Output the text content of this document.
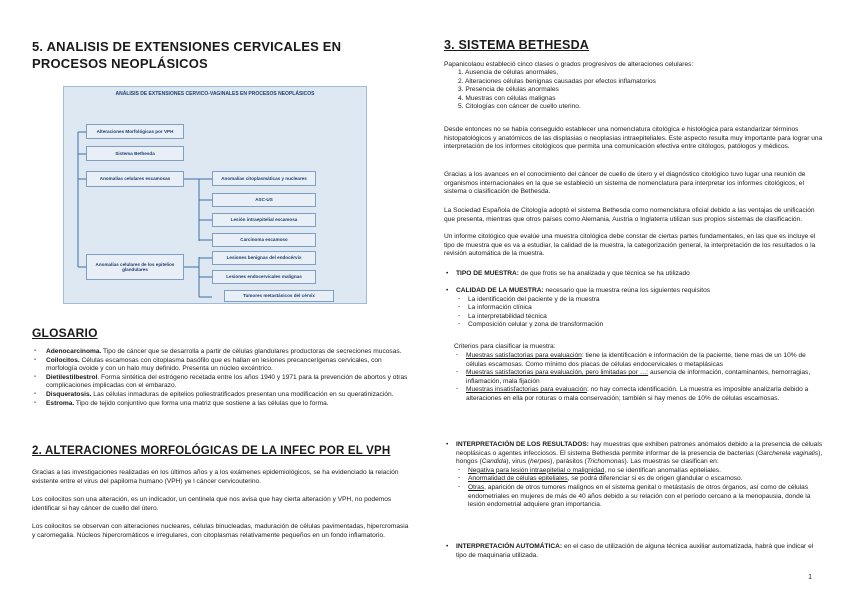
5. ANALISIS DE EXTENSIONES CERVICALES EN PROCESOS NEOPLÁSICOS
ANÁLISIS DE EXTENSIONES CERVICO-VAGINALES EN PROCESOS NEOPLÁSICOS
Alteraciones Morfológicas por VPH
Sistema Bethesda
Anomalías celulares escamosas
Anomalías celulares de los epitelios glandulares
Anomalías citoplasmáticas y nucleares
ASC-US
Lesión intraepitelial escamosa
Carcinoma escamoso
Lesiones benignas del endocérvix
Lesiones endocervicales malignas
Tumores metastásicos del cérvix
GLOSARIO
- Adenocarcinoma. Tipo de cáncer que se desarrolla a partir de células glandulares productoras de secreciones mucosas.
- Coilocitos. Células escamosas con citoplasma basófilo que es hallan en lesiones precancerígenas cervicales, con morfología ovoide y con un halo muy definido. Presenta un núcleo excéntrico.
- Dietilestilbestrol. Forma sintética del estrógeno recetada entre los años 1940 y 1971 para la prevención de abortos y otras complicaciones implicadas con el embarazo.
- Disqueratosis. Las células inmaduras de epitelios poliestratificados presentan una modificación en su queratinización.
- Estroma. Tipo de tejido conjuntivo que forma una matriz que sostiene a las células que lo forma.
2. ALTERACIONES MORFOLÓGICAS DE LA INFEC POR EL VPH

Gracias a las investigaciones realizadas en los últimos años y a los exámenes epidemiológicos, se ha evidenciado la relación existente entre el virus del papiloma humano (VPH) ye l cáncer cervicouterino.

Los coilocitos son una alteración, es un indicador, un centinela que nos avisa que hay cierta alteración y VPH, no podemos identificar si hay cáncer de cuello del útero.

Los coilocitos se observan con alteraciones nucleares, células binucleadas, maduración de células pavimentadas, hipercromasia y caromegalia. Núcleos hipercromáticos e irregulares, con citoplasmas relativamente pequeños en un fondo inflamatorio.

3. SISTEMA BETHESDA

Papanicolaou estableció cinco clases o grados progresivos de alteraciones celulares:

1. Ausencia de células anormales,
2. Alteraciones células benignas causadas por efectos inflamatorios
3. Presencia de células anormales
4. Muestras con células malignas
5. Citologías con cáncer de cuello uterino.

Desde entonces no se había conseguido establecer una nomenclatura citológica e histológica para estandarizar términos histopatológicos y anatómicos de las displasias o neoplasias intraepiteliales. Este aspecto resulta muy importante para lograr una interpretación de los informes citológicos que permita una comunicación efectiva entre citólogos, patólogos y médicos.

Gracias a los avances en el conocimiento del cáncer de cuello de útero y el diagnóstico citológico tuvo lugar una reunión de organismos internacionales en la que se estableció un sistema de nomenclatura para interpretar los informes citológicos, el sistema o clasificación de Bethesda.

La Sociedad Española de Citología adoptó el sistema Bethesda como nomenclatura oficial debido a las ventajas de unificación que presenta, mientras que otros países como Alemania, Austria o Inglaterra utilizan sus propios sistemas de clasificación.

Un informe citológico que evalúe una muestra citológica debe constar de ciertas partes fundamentales, en las que es incluye el tipo de muestra que es va a estudiar, la calidad de la muestra, la categorización general, la interpretación de los resultados o la revisión automática de la muestra.

• TIPO DE MUESTRA: de que frotis se ha analizada y que técnica se ha utilizado
• CALIDAD DE LA MUESTRA: necesario que la muestra reúna los siguientes requisitos
- La identificación del paciente y de la muestra
- La información clínica
- La interpretabilidad técnica
- Composición celular y zona de transformación

Criterios para clasificar la muestra:

- Muestras satisfactorias para evaluación: tiene la identificación e información de la paciente, tiene mas de un 10% de células escamosas. Como mínimo dos placas de células endocervicales o metaplásicas
- Muestras satisfactorias para evaluación, pero limitadas por …: ausencia de información, contaminantes, hemorragias, inflamación, mala fijación
- Muestras insatisfactorias para evaluación: no hay correcta identificación. La muestra es imposible analizarla debido a alteraciones en ella por roturas o mala conservación; también si hay menos de 10% de células escamosas.
• INTERPRETACIÓN DE LOS RESULTADOS: hay muestras que exhiben patrones anómalos debido a la presencia de céluals neoplásicas o agentes infecciosos. El sistema Bethesda permite informar de la presencia de bacterias (Garcherela vaginalis), hongos (Candida), virus (herpes), parásitos (Trichomonas). Las muestras se clasifican en:
- Negativa para lesión intraepitelial o malignidad, no se identifican anomalías epiteliales.
- Anormalidad de células epiteliales, se podrá diferenciar si es de origen glandular o escamoso.
- Otras, aparición de otros tumores malignos en el sistema genital o metástasis de otros órganos, así como de células endometriales en mujeres de más de 40 años debido a su relación con el periodo cercano a la menopausia, donde la lesión endometrial adquiere gran importancia.
• INTERPRETACIÓN AUTOMÁTICA: en el caso de utilización de alguna técnica auxiliar automatizada, habrá que indicar el tipo de maquinaria utilizada.
1
